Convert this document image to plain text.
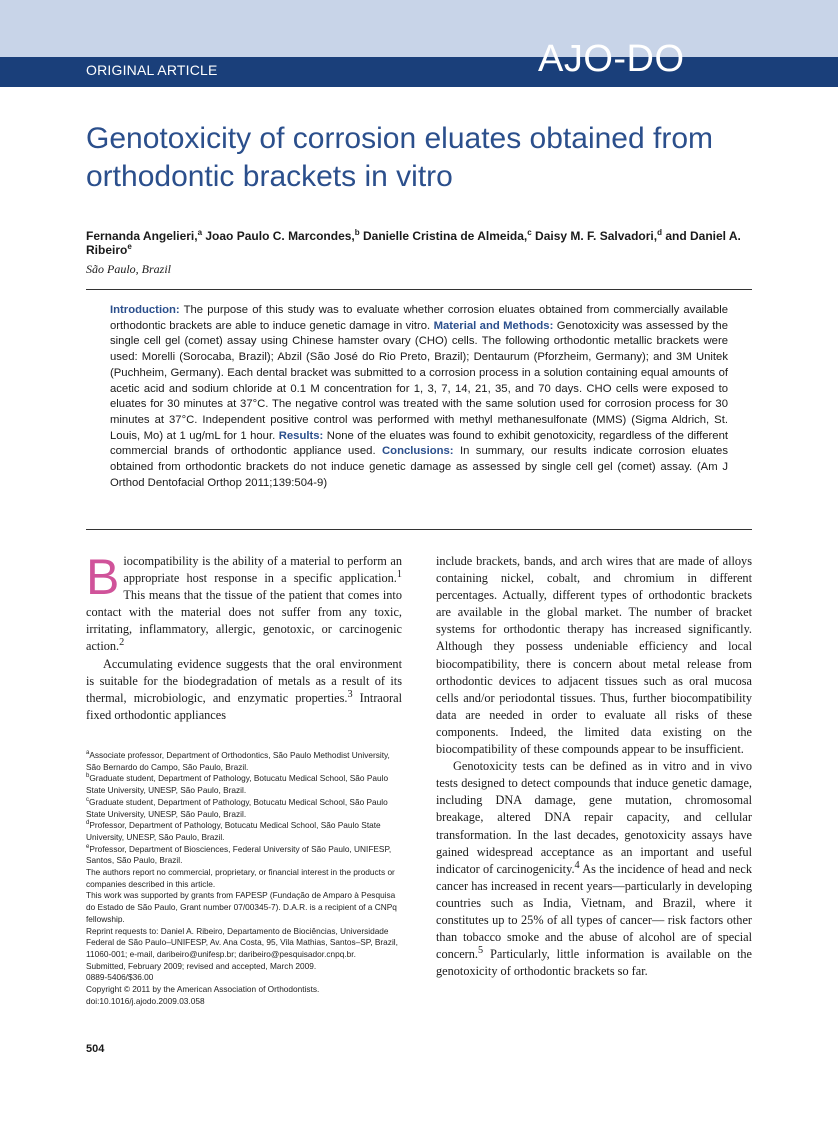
ORIGINAL ARTICLE	AJO-DO
Genotoxicity of corrosion eluates obtained from orthodontic brackets in vitro
Fernanda Angelieri,$^a$ Joao Paulo C. Marcondes,$^b$ Danielle Cristina de Almeida,$^c$ Daisy M. F. Salvadori,$^d$ and Daniel A. Ribeiro$^e$
São Paulo, Brazil

Introduction: The purpose of this study was to evaluate whether corrosion eluates obtained from commercially available orthodontic brackets are able to induce genetic damage in vitro. Material and Methods: Genotoxicity was assessed by the single cell gel (comet) assay using Chinese hamster ovary (CHO) cells. The following orthodontic metallic brackets were used: Morelli (Sorocaba, Brazil); Abzil (São José do Rio Preto, Brazil); Dentaurum (Pforzheim, Germany); and 3M Unitek (Puchheim, Germany). Each dental bracket was submitted to a corrosion process in a solution containing equal amounts of acetic acid and sodium chloride at 0.1 M concentration for 1, 3, 7, 14, 21, 35, and 70 days. CHO cells were exposed to eluates for 30 minutes at 37°C. The negative control was treated with the same solution used for corrosion process for 30 minutes at 37°C. Independent positive control was performed with methyl methanesulfonate (MMS) (Sigma Aldrich, St. Louis, Mo) at 1 ug/mL for 1 hour. Results: None of the eluates was found to exhibit genotoxicity, regardless of the different commercial brands of orthodontic appliance used. Conclusions: In summary, our results indicate corrosion eluates obtained from orthodontic brackets do not induce genetic damage as assessed by single cell gel (comet) assay. (Am J Orthod Dentofacial Orthop 2011;139:504-9)

Biocompatibility is the ability of a material to perform an appropriate host response in a specific application.$^1$ This means that the tissue of the patient that comes into contact with the material does not suffer from any toxic, irritating, inflammatory, allergic, genotoxic, or carcinogenic action.$^2$

Accumulating evidence suggests that the oral environment is suitable for the biodegradation of metals as a result of its thermal, microbiologic, and enzymatic properties.$^3$ Intraoral fixed orthodontic appliances

$^a$Associate professor, Department of Orthodontics, São Paulo Methodist University, São Bernardo do Campo, São Paulo, Brazil.

$^b$Graduate student, Department of Pathology, Botucatu Medical School, São Paulo State University, UNESP, São Paulo, Brazil.

$^c$Graduate student, Department of Pathology, Botucatu Medical School, São Paulo State University, UNESP, São Paulo, Brazil.

$^d$Professor, Department of Pathology, Botucatu Medical School, São Paulo State University, UNESP, São Paulo, Brazil.

$^e$Professor, Department of Biosciences, Federal University of São Paulo, UNIFESP, Santos, São Paulo, Brazil.

The authors report no commercial, proprietary, or financial interest in the products or companies described in this article.

This work was supported by grants from FAPESP (Fundação de Amparo à Pesquisa do Estado de São Paulo, Grant number 07/00345-7). D.A.R. is a recipient of a CNPq fellowship.

Reprint requests to: Daniel A. Ribeiro, Departamento de Biociências, Universidade Federal de São Paulo–UNIFESP, Av. Ana Costa, 95, Vila Mathias, Santos–SP, Brazil, 11060-001; e-mail, daribeiro@unifesp.br; daribeiro@pesquisador.cnpq.br.

Submitted, February 2009; revised and accepted, March 2009.

0889-5406/$36.00

Copyright © 2011 by the American Association of Orthodontists.

doi:10.1016/j.ajodo.2009.03.058

include brackets, bands, and arch wires that are made of alloys containing nickel, cobalt, and chromium in different percentages. Actually, different types of orthodontic brackets are available in the global market. The number of bracket systems for orthodontic therapy has increased significantly. Although they possess undeniable efficiency and local biocompatibility, there is concern about metal release from orthodontic devices to adjacent tissues such as oral mucosa cells and/or periodontal tissues. Thus, further biocompatibility data are needed in order to evaluate all risks of these components. Indeed, the limited data existing on the biocompatibility of these compounds appear to be insufficient.

Genotoxicity tests can be defined as in vitro and in vivo tests designed to detect compounds that induce genetic damage, including DNA damage, gene mutation, chromosomal breakage, altered DNA repair capacity, and cellular transformation. In the last decades, genotoxicity assays have gained widespread acceptance as an important and useful indicator of carcinogenicity.$^4$ As the incidence of head and neck cancer has increased in recent years—particularly in developing countries such as India, Vietnam, and Brazil, where it constitutes up to 25% of all types of cancer— risk factors other than tobacco smoke and the abuse of alcohol are of special concern.$^5$ Particularly, little information is available on the genotoxicity of orthodontic brackets so far.

504
